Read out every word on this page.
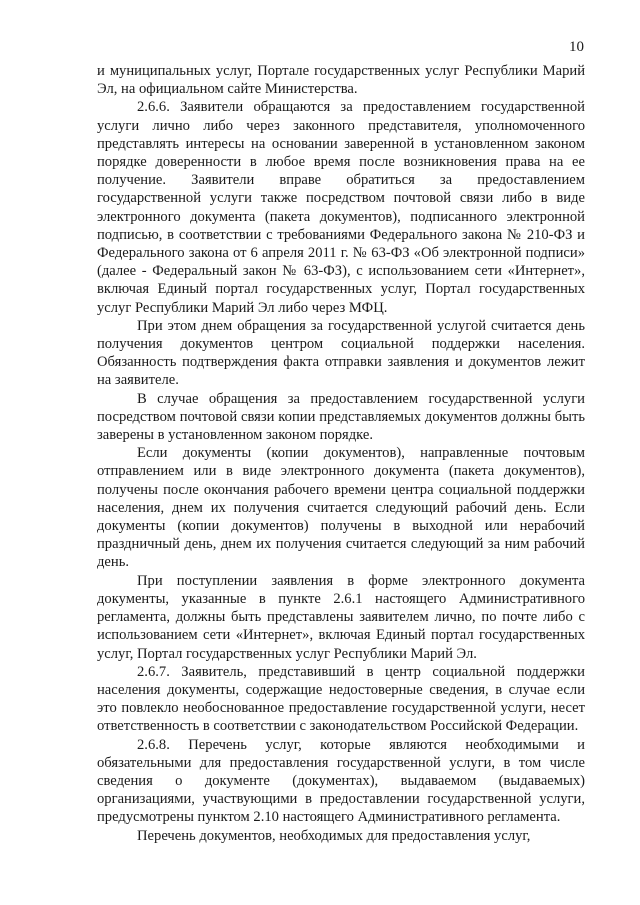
10

и муниципальных услуг, Портале государственных услуг Республики Марий Эл, на официальном сайте Министерства.

2.6.6. Заявители обращаются за предоставлением государственной услуги лично либо через законного представителя, уполномоченного представлять интересы на основании заверенной в установленном законом порядке доверенности в любое время после возникновения права на ее получение. Заявители вправе обратиться за предоставлением государственной услуги также посредством почтовой связи либо в виде электронного документа (пакета документов), подписанного электронной подписью, в соответствии с требованиями Федерального закона № 210-ФЗ и Федерального закона от 6 апреля 2011 г. № 63-ФЗ «Об электронной подписи» (далее - Федеральный закон № 63-ФЗ), с использованием сети «Интернет», включая Единый портал государственных услуг, Портал государственных услуг Республики Марий Эл либо через МФЦ.

При этом днем обращения за государственной услугой считается день получения документов центром социальной поддержки населения. Обязанность подтверждения факта отправки заявления и документов лежит на заявителе.

В случае обращения за предоставлением государственной услуги посредством почтовой связи копии представляемых документов должны быть заверены в установленном законом порядке.

Если документы (копии документов), направленные почтовым отправлением или в виде электронного документа (пакета документов), получены после окончания рабочего времени центра социальной поддержки населения, днем их получения считается следующий рабочий день. Если документы (копии документов) получены в выходной или нерабочий праздничный день, днем их получения считается следующий за ним рабочий день.

При поступлении заявления в форме электронного документа документы, указанные в пункте 2.6.1 настоящего Административного регламента, должны быть представлены заявителем лично, по почте либо с использованием сети «Интернет», включая Единый портал государственных услуг, Портал государственных услуг Республики Марий Эл.

2.6.7. Заявитель, представивший в центр социальной поддержки населения документы, содержащие недостоверные сведения, в случае если это повлекло необоснованное предоставление государственной услуги, несет ответственность в соответствии с законодательством Российской Федерации.

2.6.8. Перечень услуг, которые являются необходимыми и обязательными для предоставления государственной услуги, в том числе сведения о документе (документах), выдаваемом (выдаваемых) организациями, участвующими в предоставлении государственной услуги, предусмотрены пунктом 2.10 настоящего Административного регламента.

Перечень документов, необходимых для предоставления услуг,
